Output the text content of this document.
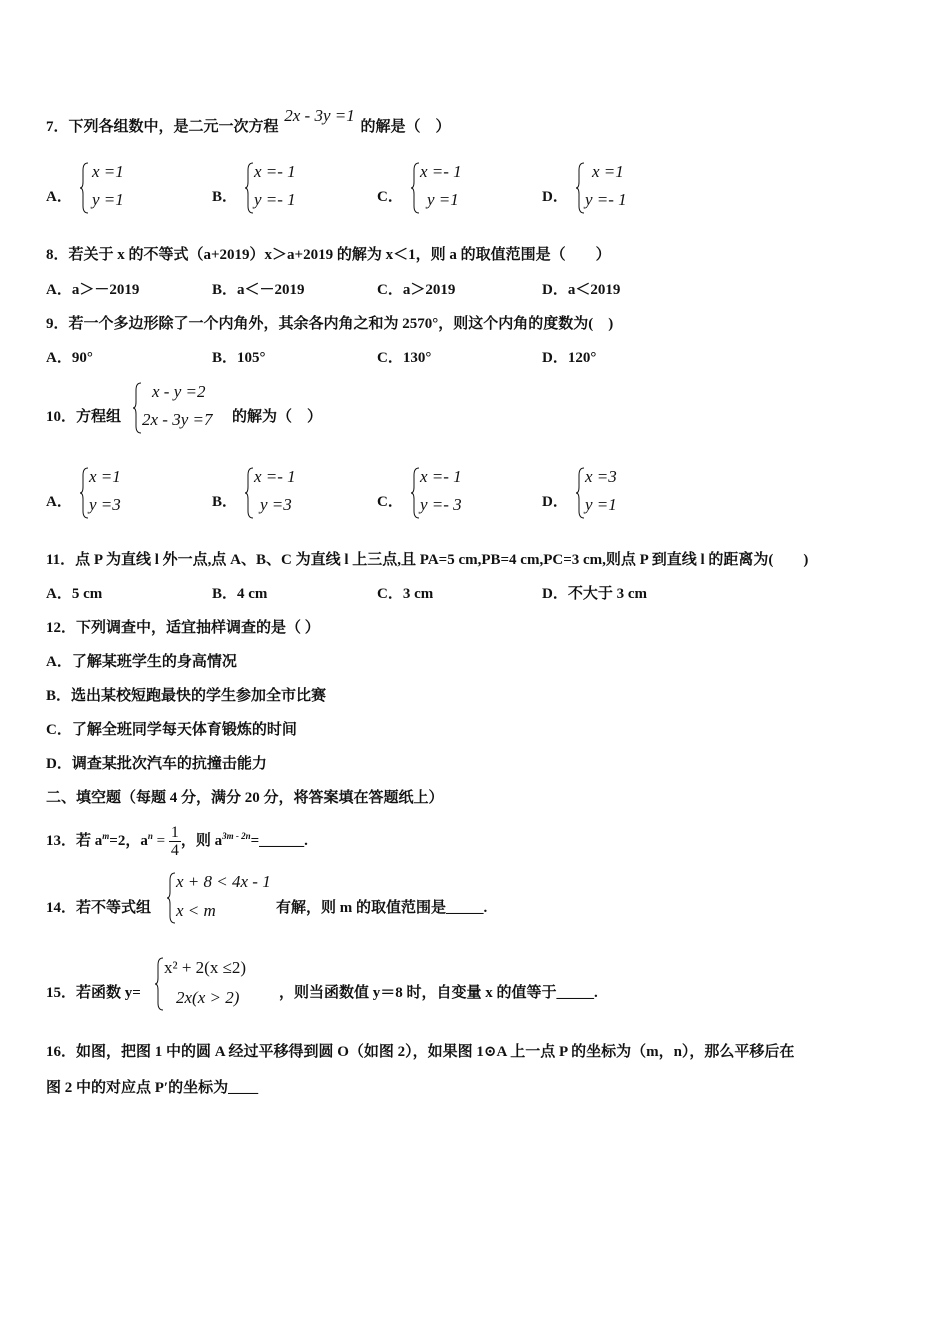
7．下列各组数中，是二元一次方程 2x - 3y =1 的解是（　）
A．
x =1
y =1	B．
x =- 1
y =- 1	C．
x =- 1
y =1	D．
x =1
y =- 1
8．若关于 x 的不等式（a+2019）x＞a+2019 的解为 x＜1，则 a 的取值范围是（　　）
A．a＞－2019	B．a＜－2019	C．a＞2019	D．a＜2019
9．若一个多边形除了一个内角外，其余各内角之和为 2570°，则这个内角的度数为(　)
A．90°	B．105°	C．130°	D．120°
10．方程组
x - y =2
2x - 3y =7 的解为（　）
A．
x =1
y =3	B．
x =- 1
y =3	C．
x =- 1
y =- 3	D．
x =3
y =1
11．点 P 为直线 l 外一点,点 A、B、C 为直线 l 上三点,且 PA=5 cm,PB=4 cm,PC=3 cm,则点 P 到直线 l 的距离为(　　)
A．5 cm	B．4 cm	C．3 cm	D．不大于 3 cm
12．下列调查中，适宜抽样调查的是（ ）
A．了解某班学生的身高情况
B．选出某校短跑最快的学生参加全市比赛
C．了解全班同学每天体育锻炼的时间
D．调查某批次汽车的抗撞击能力
二、填空题（每题 4 分，满分 20 分，将答案填在答题纸上）
13．若 $a^m=2$，$a^n = \frac{1}{4}$ ，则 $a^{3m - 2n}=\_\_\_\_\_\_$.
14．若不等式组
x + 8 < 4x - 1
x < m	有解，则 m 的取值范围是_____.
15．若函数 y=
x² + 2(x ≤2)
2x(x > 2)	，则当函数值 y＝8 时，自变量 x 的值等于_____.
16．如图，把图 1 中的圆 A 经过平移得到圆 O（如图 2），如果图 1⊙A 上一点 P 的坐标为（m，n），那么平移后在
图 2 中的对应点 P′的坐标为____
